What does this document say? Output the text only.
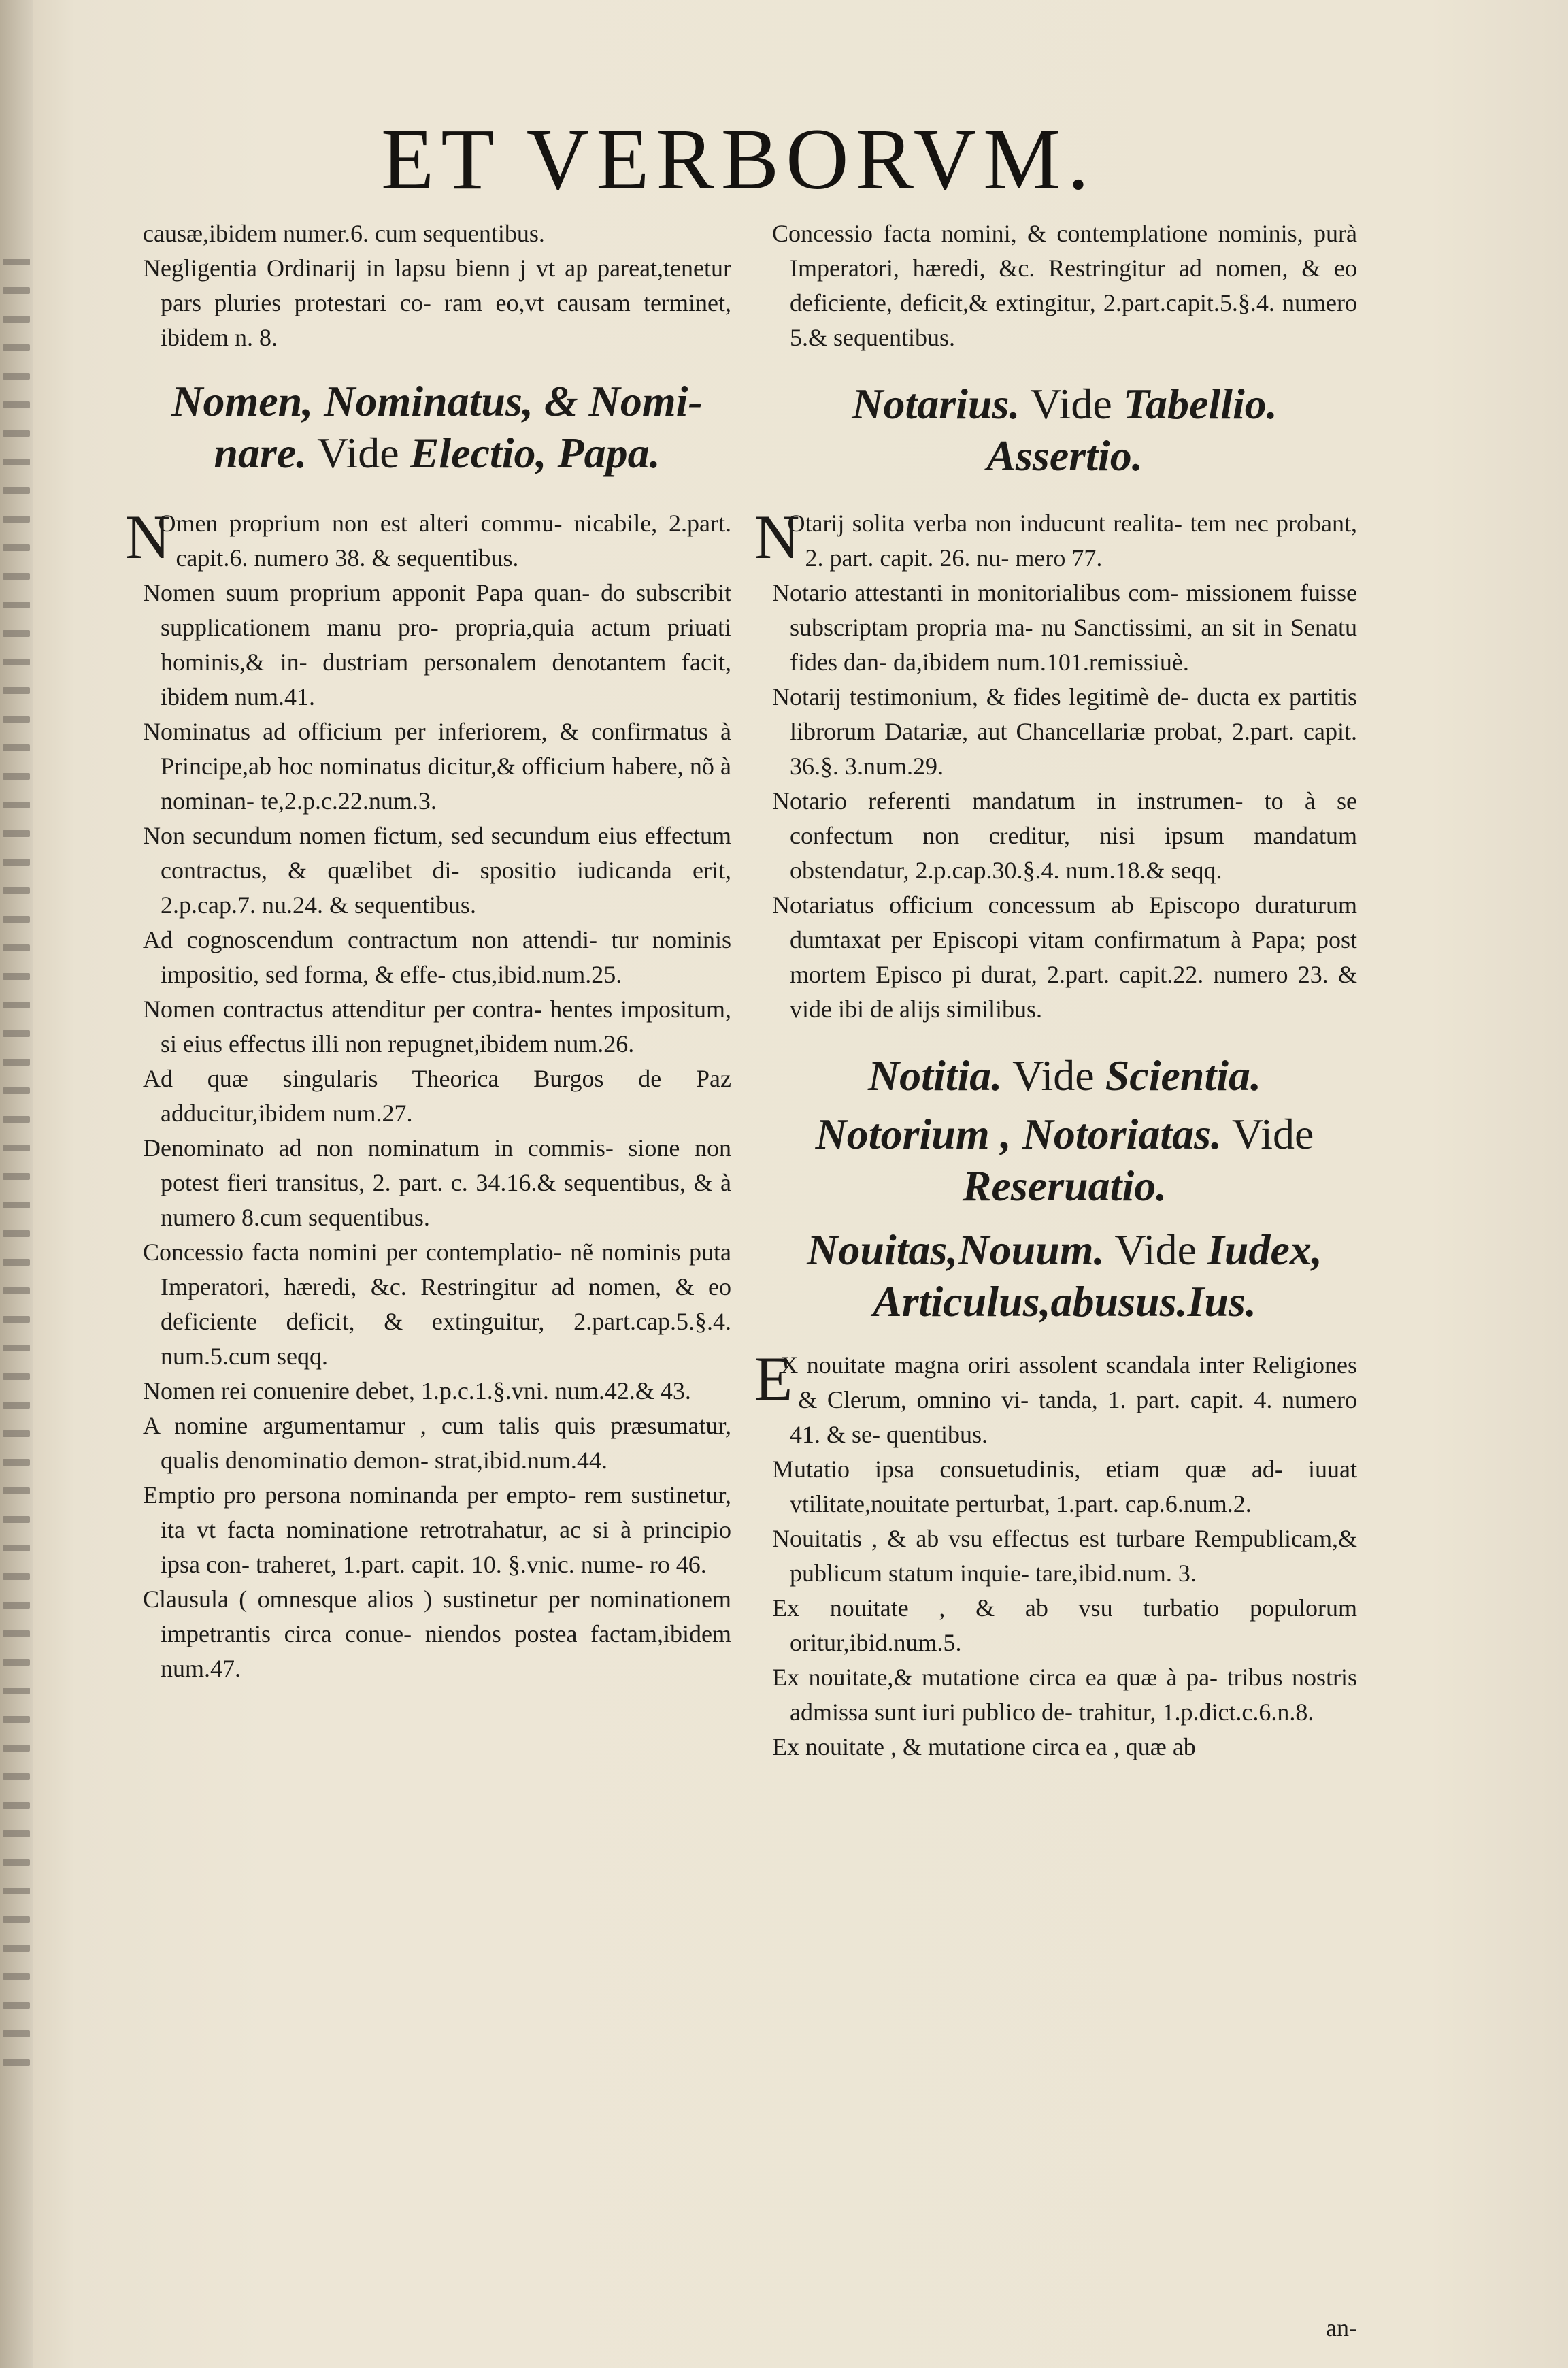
ET VERBORVM.

causæ,ibidem numer.6. cum sequentibus.

Negligentia Ordinarij in lapsu bienn j vt ap pareat,tenetur pars pluries protestari co- ram eo,vt causam terminet, ibidem n. 8.

Nomen, Nominatus, & Nomi- nare. Vide Electio, Papa.
N
Omen proprium non est alteri commu- nicabile, 2.part. capit.6. numero 38. & sequentibus.

Nomen suum proprium apponit Papa quan- do subscribit supplicationem manu pro- propria,quia actum priuati hominis,& in- dustriam personalem denotantem facit, ibidem num.41.

Nominatus ad officium per inferiorem, & confirmatus à Principe,ab hoc nominatus dicitur,& officium habere, nõ à nominan- te,2.p.c.22.num.3.

Non secundum nomen fictum, sed secundum eius effectum contractus, & quælibet di- spositio iudicanda erit, 2.p.cap.7. nu.24. & sequentibus.

Ad cognoscendum contractum non attendi- tur nominis impositio, sed forma, & effe- ctus,ibid.num.25.

Nomen contractus attenditur per contra- hentes impositum, si eius effectus illi non repugnet,ibidem num.26.

Ad quæ singularis Theorica Burgos de Paz adducitur,ibidem num.27.

Denominato ad non nominatum in commis- sione non potest fieri transitus, 2. part. c. 34.16.& sequentibus, & à numero 8.cum sequentibus.

Concessio facta nomini per contemplatio- nẽ nominis puta Imperatori, hæredi, &c. Restringitur ad nomen, & eo deficiente deficit, & extinguitur, 2.part.cap.5.§.4. num.5.cum seqq.

Nomen rei conuenire debet, 1.p.c.1.§.vni. num.42.& 43.

A nomine argumentamur , cum talis quis præsumatur, qualis denominatio demon- strat,ibid.num.44.

Emptio pro persona nominanda per empto- rem sustinetur, ita vt facta nominatione retrotrahatur, ac si à principio ipsa con- traheret, 1.part. capit. 10. §.vnic. nume- ro 46.

Clausula ( omnesque alios ) sustinetur per nominationem impetrantis circa conue- niendos postea factam,ibidem num.47.

Concessio facta nomini, & contemplatione nominis, purà Imperatori, hæredi, &c. Restringitur ad nomen, & eo deficiente, deficit,& extingitur, 2.part.capit.5.§.4. numero 5.& sequentibus.

Notarius. Vide Tabellio. Assertio.
N
Otarij solita verba non inducunt realita- tem nec probant, 2. part. capit. 26. nu- mero 77.

Notario attestanti in monitorialibus com- missionem fuisse subscriptam propria ma- nu Sanctissimi, an sit in Senatu fides dan- da,ibidem num.101.remissiuè.

Notarij testimonium, & fides legitimè de- ducta ex partitis librorum Datariæ, aut Chancellariæ probat, 2.part. capit. 36.§. 3.num.29.

Notario referenti mandatum in instrumen- to à se confectum non creditur, nisi ipsum mandatum obstendatur, 2.p.cap.30.§.4. num.18.& seqq.

Notariatus officium concessum ab Episcopo duraturum dumtaxat per Episcopi vitam confirmatum à Papa; post mortem Episco pi durat, 2.part. capit.22. numero 23. & vide ibi de alijs similibus.

Notitia. Vide Scientia.
Notorium , Notoriatas. Vide Reseruatio.
Nouitas,Nouum. Vide Iudex, Articulus,abusus.Ius.
E
X nouitate magna oriri assolent scandala inter Religiones & Clerum, omnino vi- tanda, 1. part. capit. 4. numero 41. & se- quentibus.

Mutatio ipsa consuetudinis, etiam quæ ad- iuuat vtilitate,nouitate perturbat, 1.part. cap.6.num.2.

Nouitatis , & ab vsu effectus est turbare Rempublicam,& publicum statum inquie- tare,ibid.num. 3.

Ex nouitate , & ab vsu turbatio populorum oritur,ibid.num.5.

Ex nouitate,& mutatione circa ea quæ à pa- tribus nostris admissa sunt iuri publico de- trahitur, 1.p.dict.c.6.n.8.

Ex nouitate , & mutatione circa ea , quæ ab

an-
